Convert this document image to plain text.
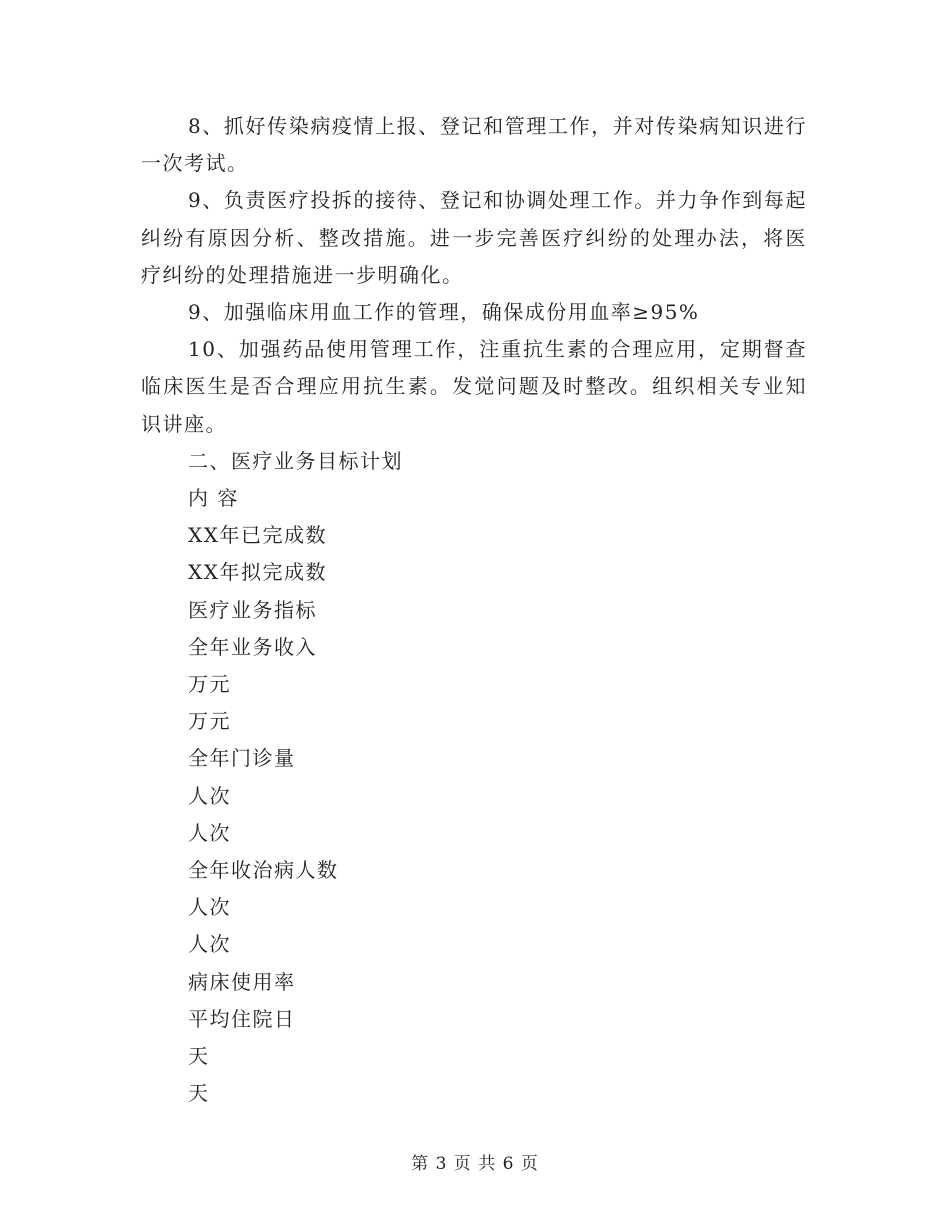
8、抓好传染病疫情上报、登记和管理工作，并对传染病知识进行一次考试。

9、负责医疗投拆的接待、登记和协调处理工作。并力争作到每起纠纷有原因分析、整改措施。进一步完善医疗纠纷的处理办法，将医疗纠纷的处理措施进一步明确化。

9、加强临床用血工作的管理，确保成份用血率≥95%

10、加强药品使用管理工作，注重抗生素的合理应用，定期督查临床医生是否合理应用抗生素。发觉问题及时整改。组织相关专业知识讲座。

二、医疗业务目标计划

内 容

XX年已完成数

XX年拟完成数

医疗业务指标

全年业务收入

万元

万元

全年门诊量

人次

人次

全年收治病人数

人次

人次

病床使用率

平均住院日

天

天

第 3 页 共 6 页
